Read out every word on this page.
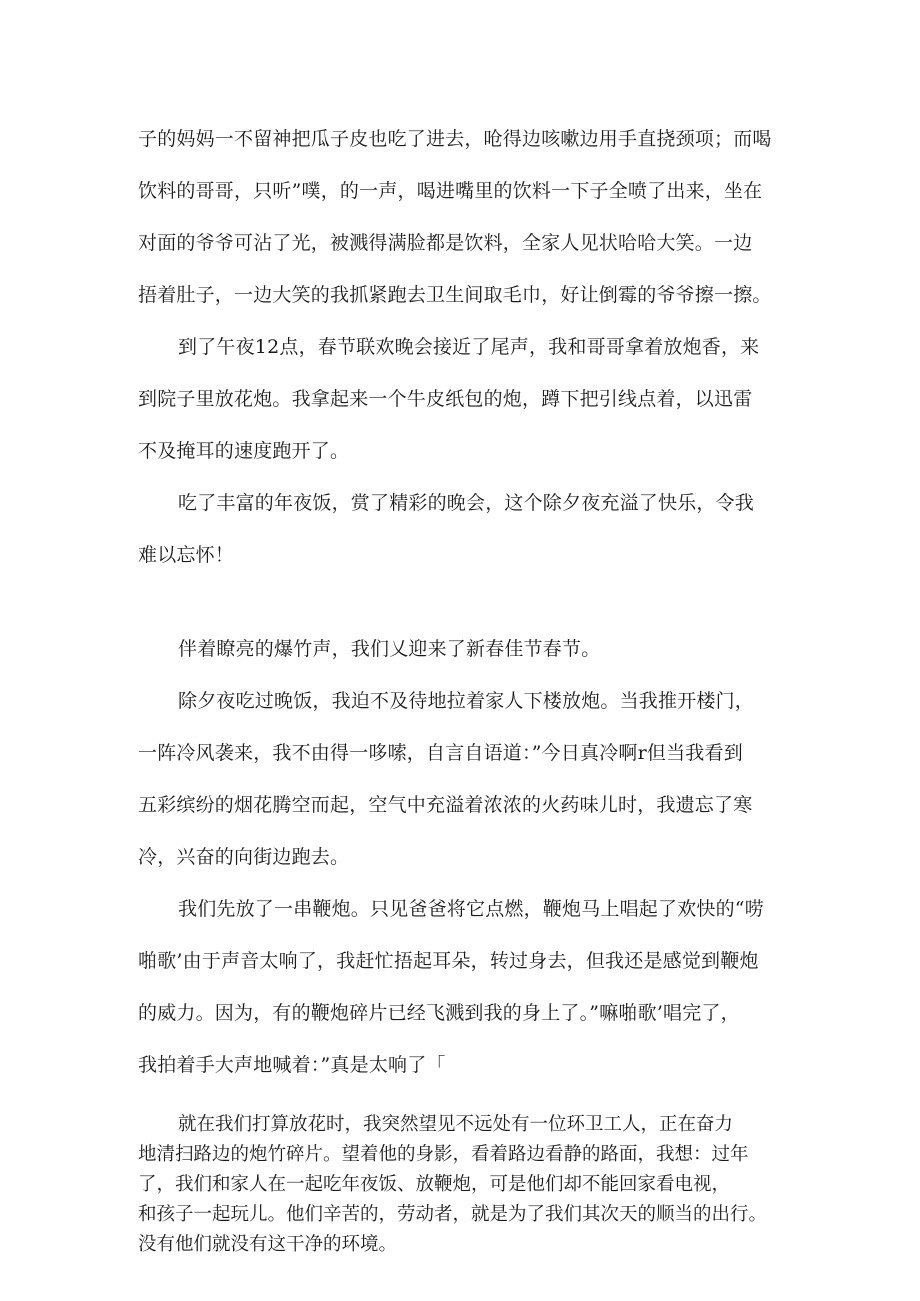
子的妈妈一不留神把瓜子皮也吃了进去，呛得边咳嗽边用手直挠颈项；而喝
饮料的哥哥，只听”噗，的一声，喝进嘴里的饮料一下子全喷了出来，坐在
对面的爷爷可沾了光，被溅得满脸都是饮料，全家人见状哈哈大笑。一边
捂着肚子，一边大笑的我抓紧跑去卫生间取毛巾，好让倒霉的爷爷擦一擦。
到了午夜12点，春节联欢晚会接近了尾声，我和哥哥拿着放炮香，来
到院子里放花炮。我拿起来一个牛皮纸包的炮，蹲下把引线点着，以迅雷
不及掩耳的速度跑开了。
吃了丰富的年夜饭，赏了精彩的晚会，这个除夕夜充溢了快乐，令我
难以忘怀！
伴着瞭亮的爆竹声，我们乂迎来了新春佳节春节。
除夕夜吃过晚饭，我迫不及待地拉着家人下楼放炮。当我推开楼门，
一阵冷风袭来，我不由得一哆嗦，自言自语道：”今日真冷啊r但当我看到
五彩缤纷的烟花腾空而起，空气中充溢着浓浓的火药味儿时，我遗忘了寒
冷，兴奋的向街边跑去。
我们先放了一串鞭炮。只见爸爸将它点燃，鞭炮马上唱起了欢快的“唠
啪歌’由于声音太响了，我赶忙捂起耳朵，转过身去，但我还是感觉到鞭炮
的威力。因为，有的鞭炮碎片已经飞溅到我的身上了。”嘛啪歌’唱完了，
我拍着手大声地喊着：”真是太响了「
就在我们打算放花时，我突然望见不远处有一位环卫工人，正在奋力
地清扫路边的炮竹碎片。望着他的身影，看着路边看静的路面，我想：过年
了，我们和家人在一起吃年夜饭、放鞭炮，可是他们却不能回家看电视，
和孩子一起玩儿。他们辛苦的，劳动者，就是为了我们其次天的顺当的出行。
没有他们就没有这干净的环境。
